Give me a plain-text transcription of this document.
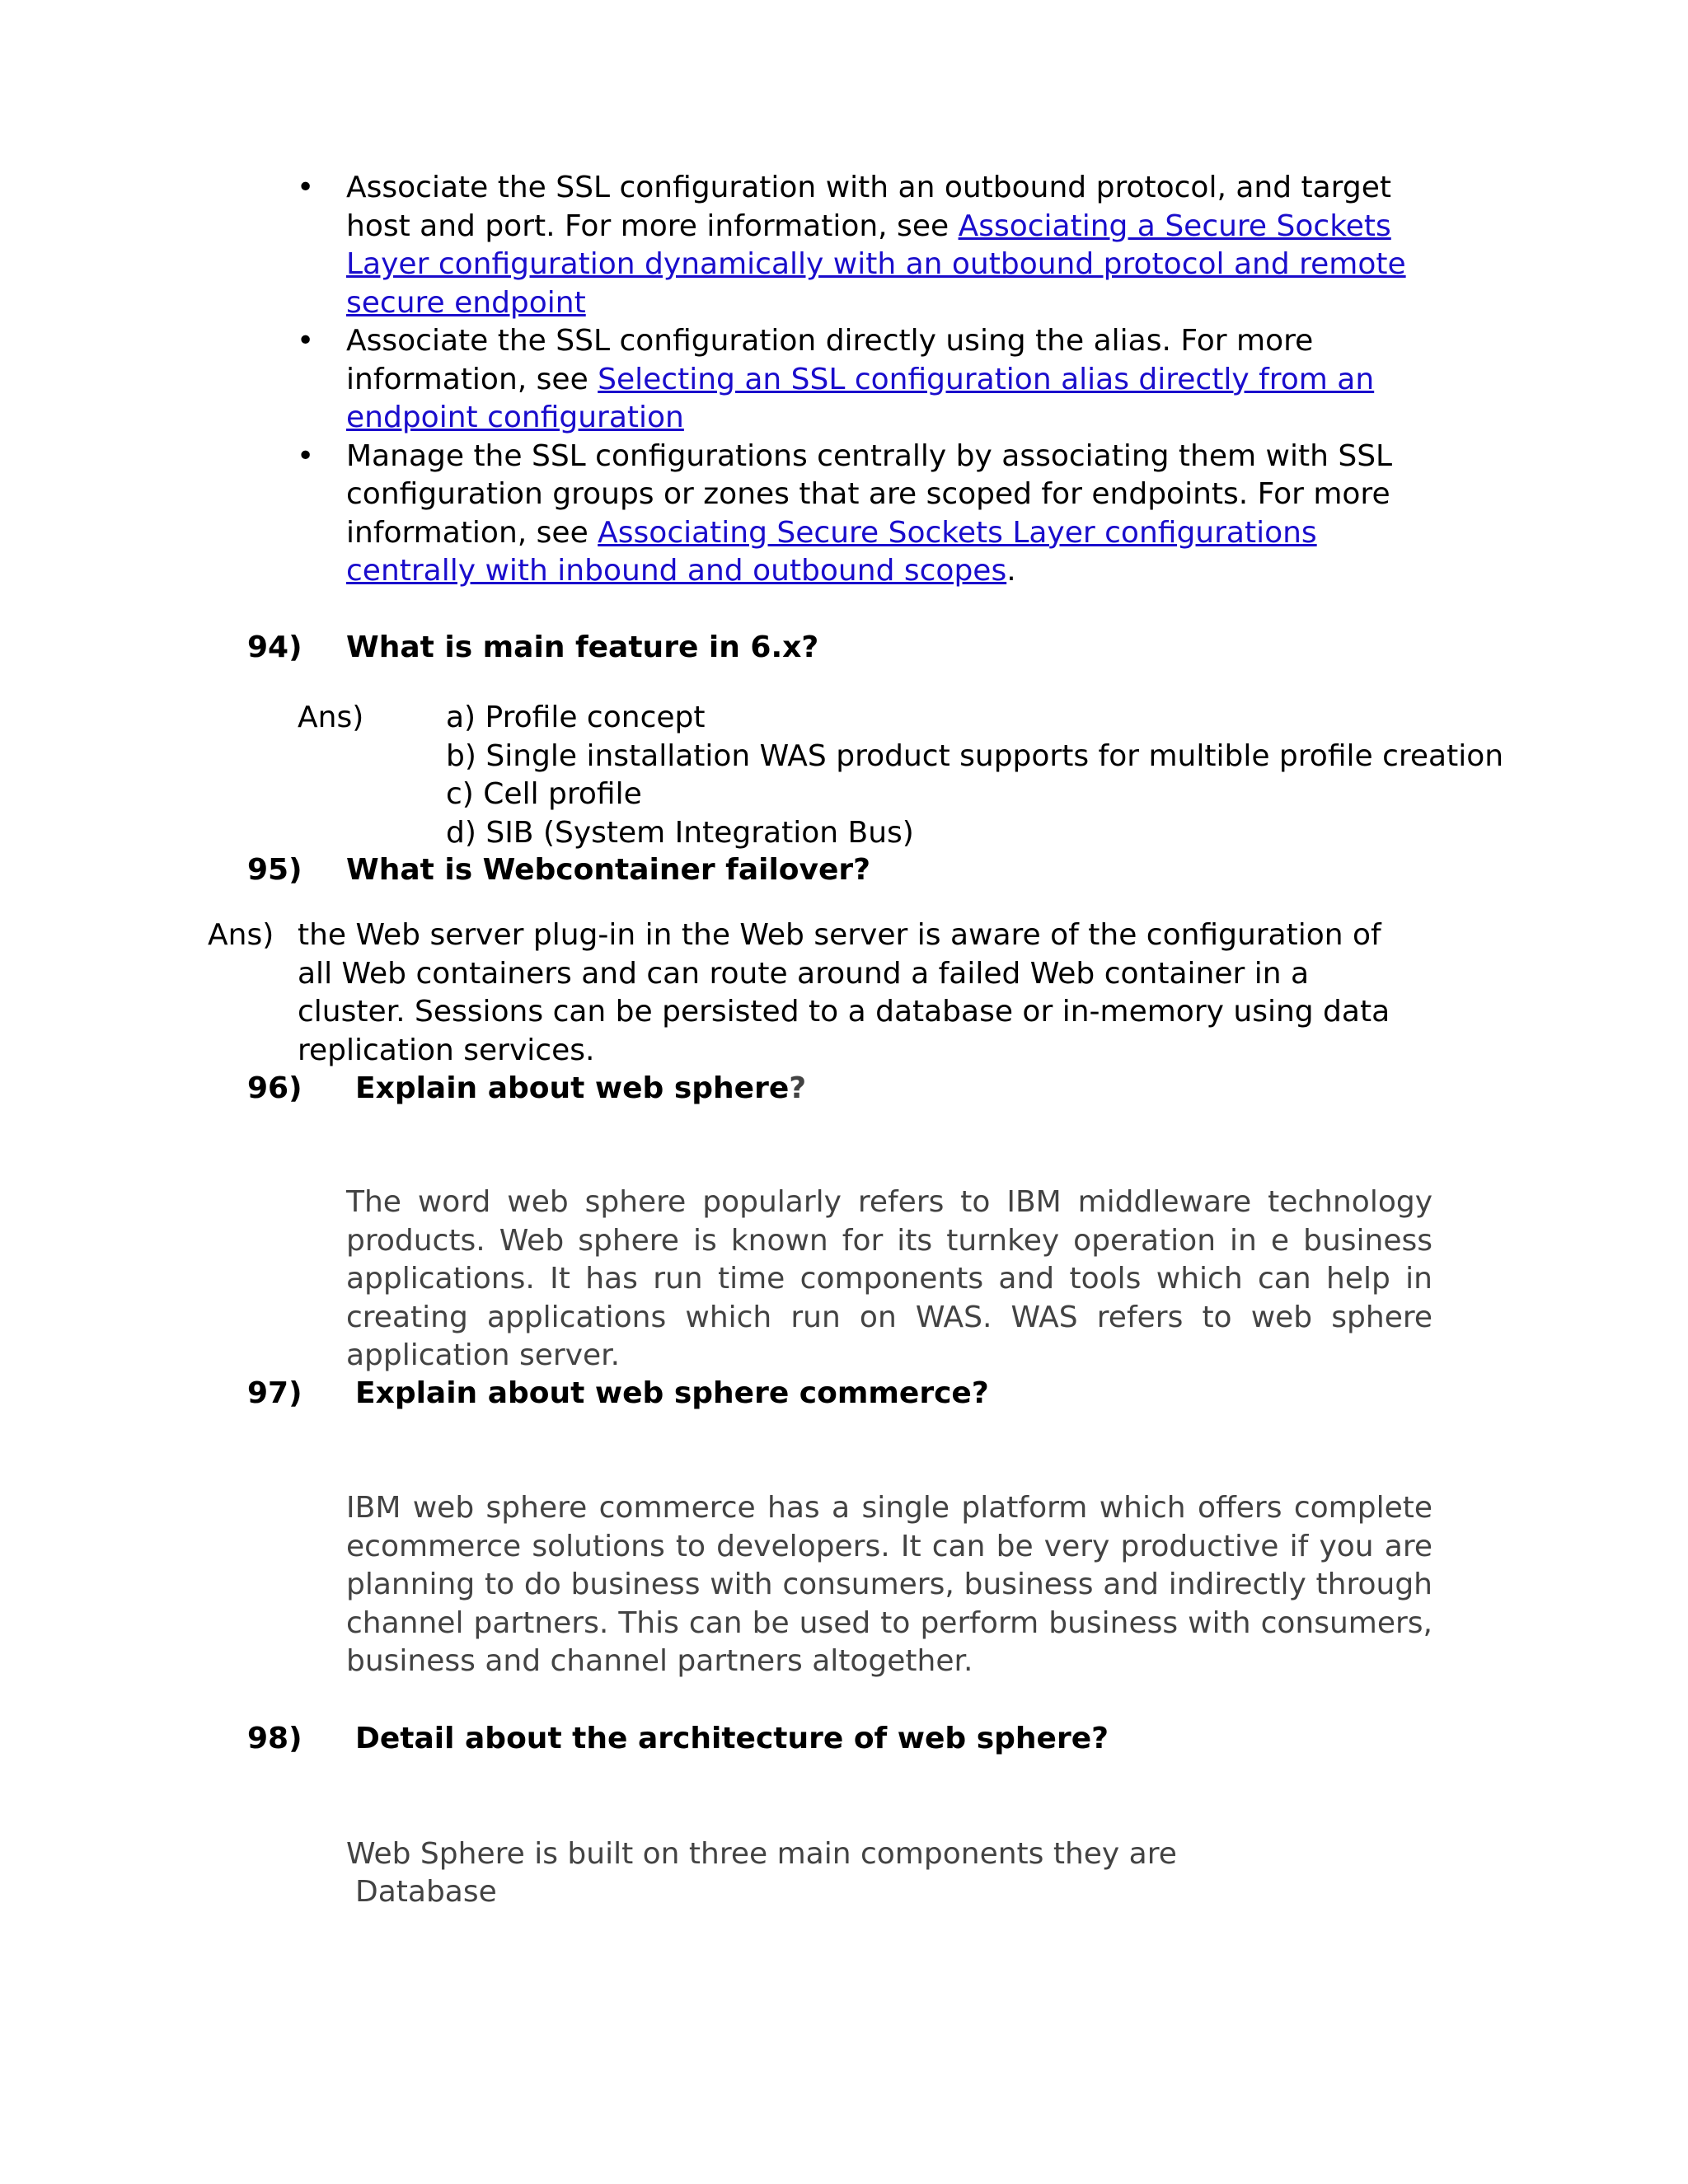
• Associate the SSL configuration with an outbound protocol, and target host and port. For more information, see Associating a Secure Sockets Layer configuration dynamically with an outbound protocol and remote secure endpoint
• Associate the SSL configuration directly using the alias. For more information, see Selecting an SSL configuration alias directly from an endpoint configuration
• Manage the SSL configurations centrally by associating them with SSL configuration groups or zones that are scoped for endpoints. For more information, see Associating Secure Sockets Layer configurations centrally with inbound and outbound scopes.
94) What is main feature in 6.x?
Ans)	a) Profile concept
b) Single installation WAS product supports for multible profile creation
c) Cell profile
d) SIB (System Integration Bus)
95) What is Webcontainer failover?
Ans) the Web server plug-in in the Web server is aware of the configuration of all Web containers and can route around a failed Web container in a cluster. Sessions can be persisted to a database or in-memory using data replication services.
96) Explain about web sphere?
The word web sphere popularly refers to IBM middleware technology products. Web sphere is known for its turnkey operation in e business applications. It has run time components and tools which can help in creating applications which run on WAS. WAS refers to web sphere application server.
97) Explain about web sphere commerce?
IBM web sphere commerce has a single platform which offers complete ecommerce solutions to developers. It can be very productive if you are planning to do business with consumers, business and indirectly through channel partners. This can be used to perform business with consumers, business and channel partners altogether.
98) Detail about the architecture of web sphere?
Web Sphere is built on three main components they are
Database
